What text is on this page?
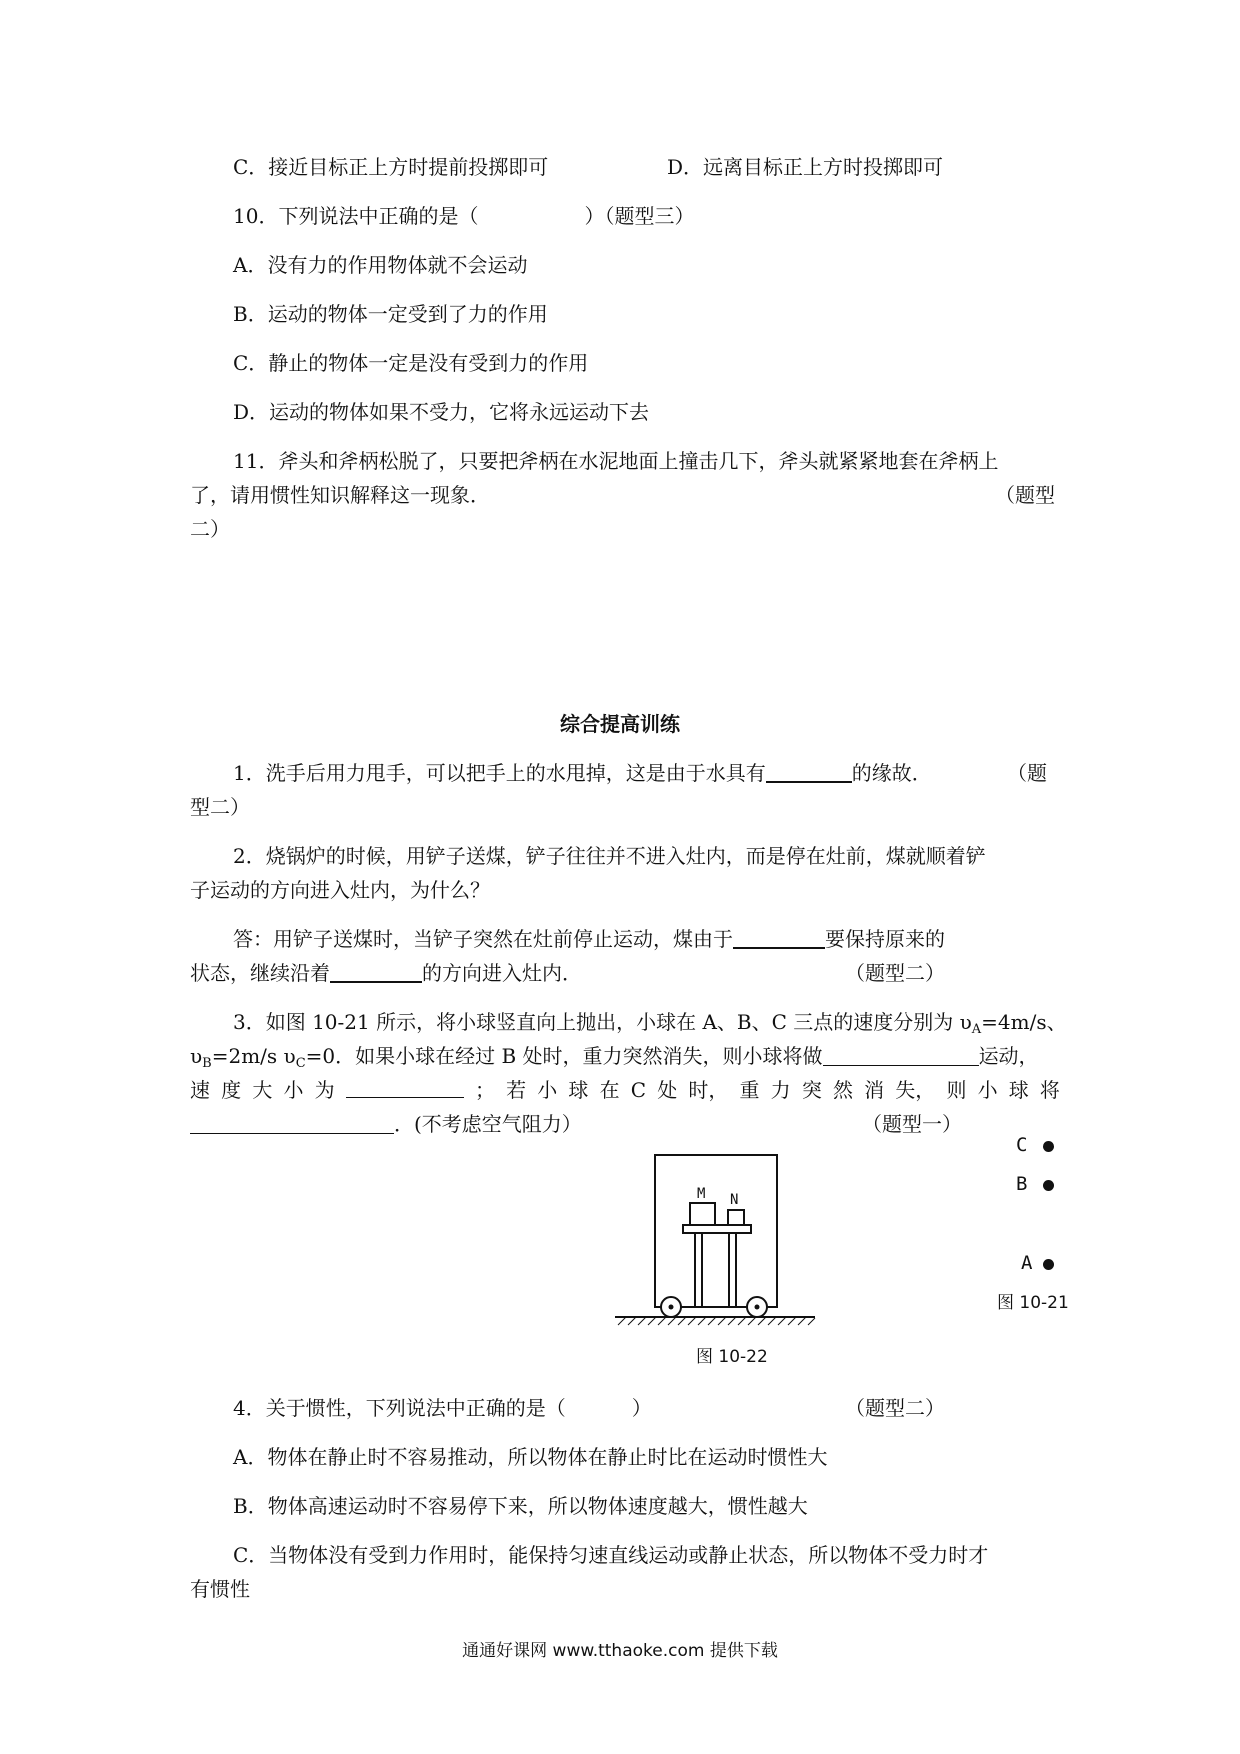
C．接近目标正上方时提前投掷即可	D．远离目标正上方时投掷即可
10．下列说法中正确的是（	）（题型三）
A．没有力的作用物体就不会运动
B．运动的物体一定受到了力的作用
C．静止的物体一定是没有受到力的作用
D．运动的物体如果不受力，它将永远运动下去
11．斧头和斧柄松脱了，只要把斧柄在水泥地面上撞击几下，斧头就紧紧地套在斧柄上
了，请用惯性知识解释这一现象．	（题型
二）
综合提高训练
1．洗手后用力甩手，可以把手上的水甩掉，这是由于水具有	的缘故．	（题
型二）
2．烧锅炉的时候，用铲子送煤，铲子往往并不进入灶内，而是停在灶前，煤就顺着铲
子运动的方向进入灶内，为什么？
答：用铲子送煤时，当铲子突然在灶前停止运动，煤由于	要保持原来的
状态，继续沿着	的方向进入灶内．	（题型二）
3．如图 10-21 所示，将小球竖直向上抛出，小球在 A、B、C 三点的速度分别为 $\upsilon_A=4m/s$、
$\upsilon_B=2m/s$ $\upsilon_C=0$．如果小球在经过 B 处时，重力突然消失，则小球将做	运动，
速 度 大 小 为	； 若 小 球 在 C 处 时， 重 力 突 然 消 失， 则 小 球 将
．(不考虑空气阻力）	（题型一）
M N
图 10-22
C
B
A
图 10-21
4．关于惯性，下列说法中正确的是（	）	（题型二）
A．物体在静止时不容易推动，所以物体在静止时比在运动时惯性大
B．物体高速运动时不容易停下来，所以物体速度越大，惯性越大
C．当物体没有受到力作用时，能保持匀速直线运动或静止状态，所以物体不受力时才
有惯性
通通好课网 www.tthaoke.com 提供下载
